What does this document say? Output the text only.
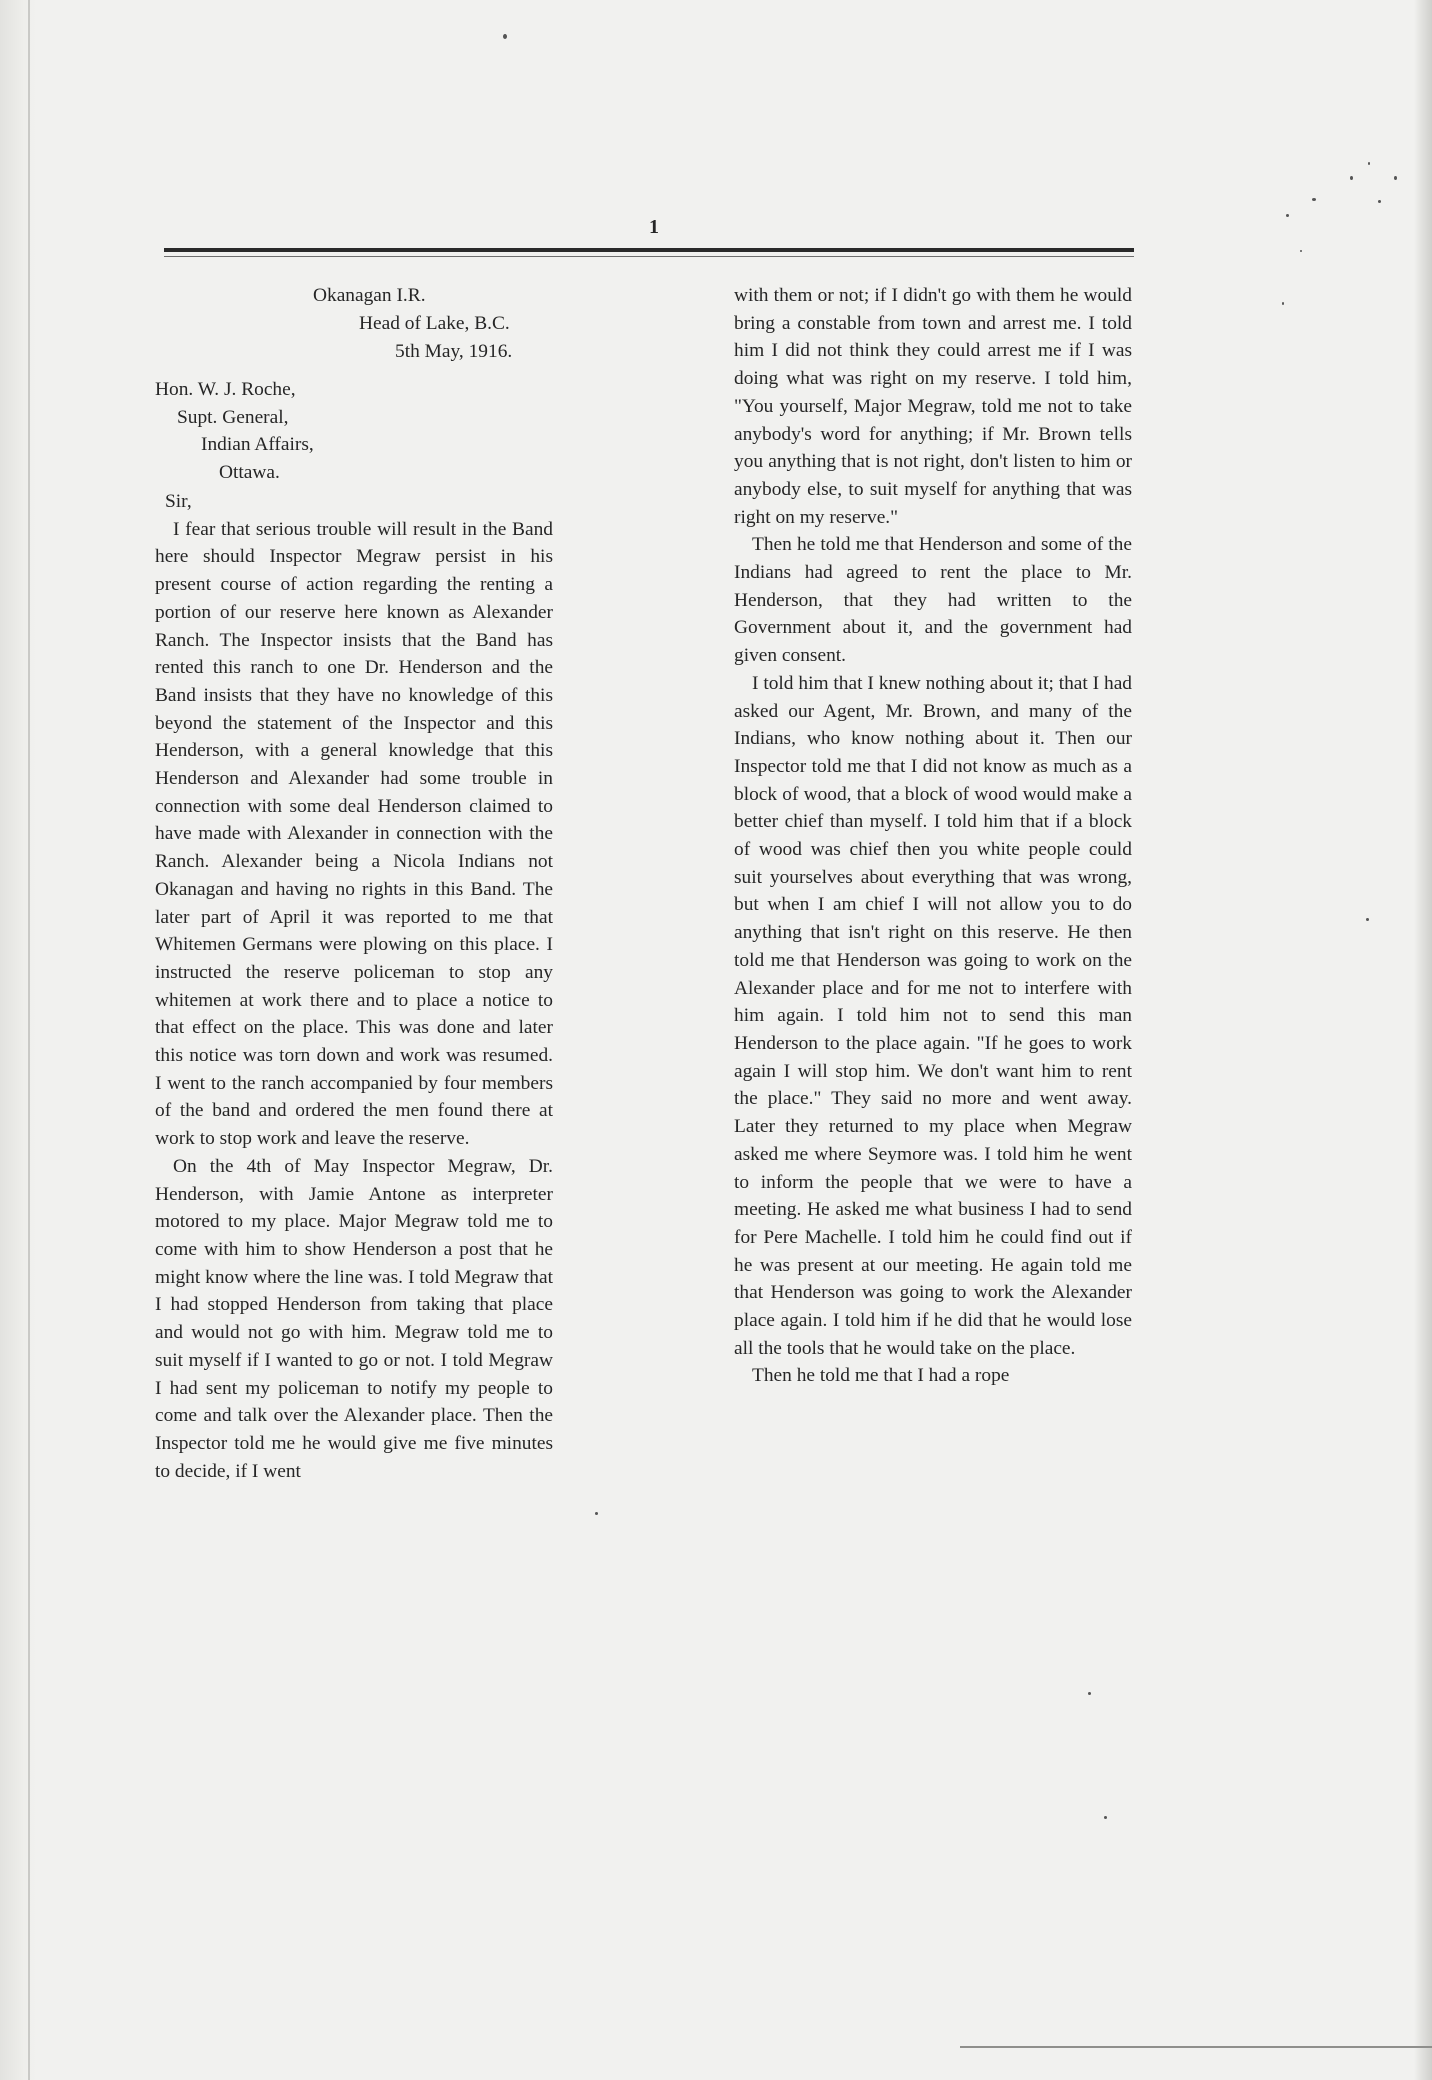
1
Okanagan I.R.
Head of Lake, B.C.
5th May, 1916.
Hon. W. J. Roche,
Supt. General,
Indian Affairs,
Ottawa.
Sir,

I fear that serious trouble will result in the Band here should Inspector Megraw persist in his present course of action regarding the renting a portion of our reserve here known as Alexander Ranch. The Inspector insists that the Band has rented this ranch to one Dr. Henderson and the Band insists that they have no knowledge of this beyond the statement of the Inspector and this Henderson, with a general knowledge that this Henderson and Alexander had some trouble in connection with some deal Henderson claimed to have made with Alexander in connection with the Ranch. Alexander being a Nicola Indians not Okanagan and having no rights in this Band. The later part of April it was reported to me that Whitemen Germans were plowing on this place. I instructed the reserve policeman to stop any whitemen at work there and to place a notice to that effect on the place. This was done and later this notice was torn down and work was resumed. I went to the ranch accompanied by four members of the band and ordered the men found there at work to stop work and leave the reserve.

On the 4th of May Inspector Megraw, Dr. Henderson, with Jamie Antone as interpreter motored to my place. Major Megraw told me to come with him to show Henderson a post that he might know where the line was. I told Megraw that I had stopped Henderson from taking that place and would not go with him. Megraw told me to suit myself if I wanted to go or not. I told Megraw I had sent my policeman to notify my people to come and talk over the Alexander place. Then the Inspector told me he would give me five minutes to decide, if I went

with them or not; if I didn't go with them he would bring a constable from town and arrest me. I told him I did not think they could arrest me if I was doing what was right on my reserve. I told him, "You yourself, Major Megraw, told me not to take anybody's word for anything; if Mr. Brown tells you anything that is not right, don't listen to him or anybody else, to suit myself for anything that was right on my reserve."

Then he told me that Henderson and some of the Indians had agreed to rent the place to Mr. Henderson, that they had written to the Government about it, and the government had given consent.

I told him that I knew nothing about it; that I had asked our Agent, Mr. Brown, and many of the Indians, who know nothing about it. Then our Inspector told me that I did not know as much as a block of wood, that a block of wood would make a better chief than myself. I told him that if a block of wood was chief then you white people could suit yourselves about everything that was wrong, but when I am chief I will not allow you to do anything that isn't right on this reserve. He then told me that Henderson was going to work on the Alexander place and for me not to interfere with him again. I told him not to send this man Henderson to the place again. "If he goes to work again I will stop him. We don't want him to rent the place." They said no more and went away. Later they returned to my place when Megraw asked me where Seymore was. I told him he went to inform the people that we were to have a meeting. He asked me what business I had to send for Pere Machelle. I told him he could find out if he was present at our meeting. He again told me that Henderson was going to work the Alexander place again. I told him if he did that he would lose all the tools that he would take on the place.

Then he told me that I had a rope
